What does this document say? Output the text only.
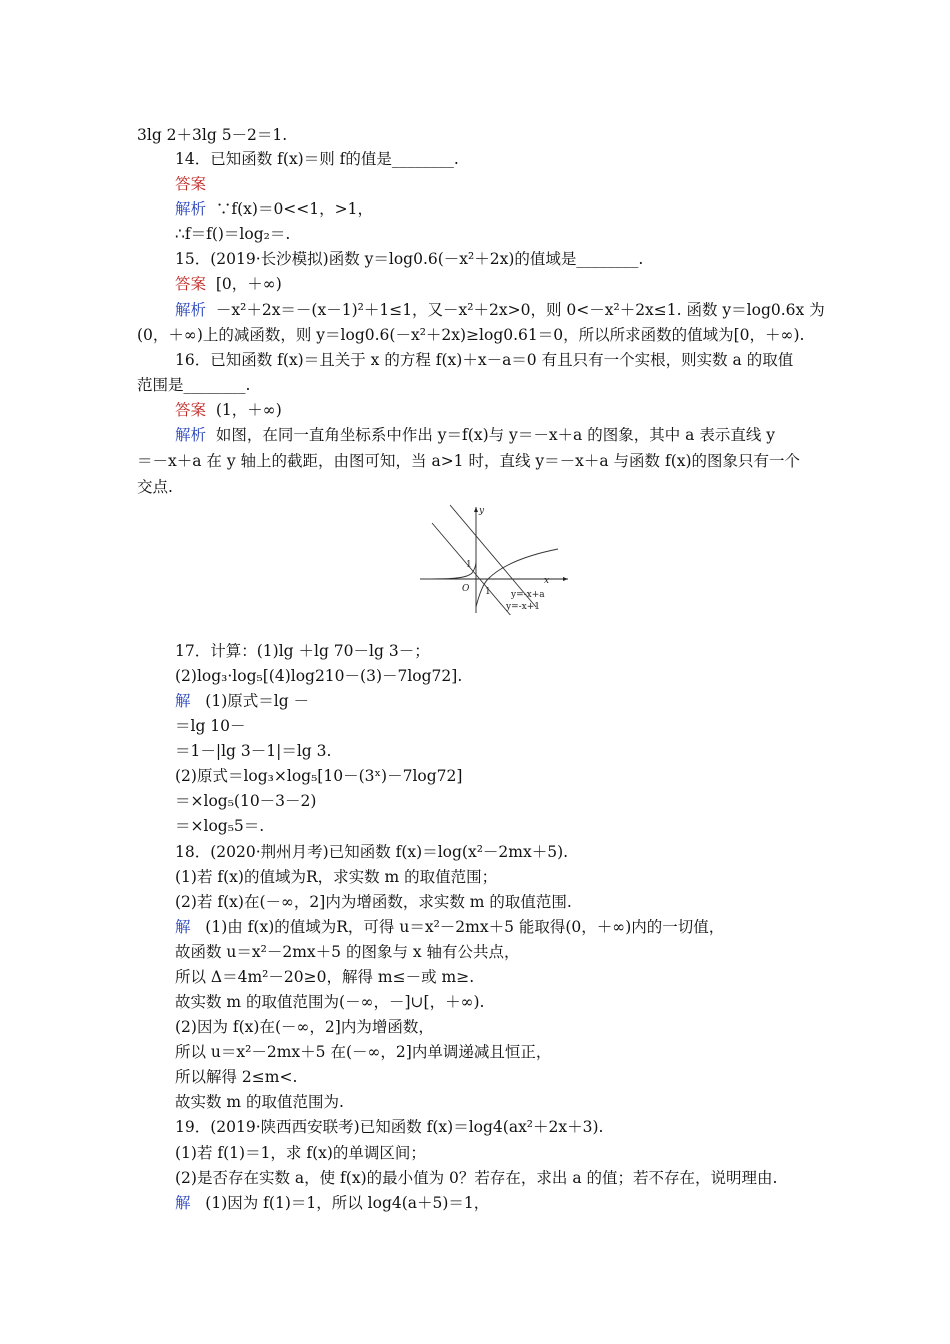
3lg 2＋3lg 5－2＝1.
14．已知函数 f(x)＝则 f的值是________.
答案
解析 ∵f(x)＝0<<1，>1，
∴f＝f()＝log₂＝.
15．(2019·长沙模拟)函数 y＝log0.6(－x²＋2x)的值域是________.
答案 [0，＋∞)
解析 －x²＋2x＝－(x－1)²＋1≤1，又－x²＋2x>0，则 0<－x²＋2x≤1. 函数 y＝log0.6x 为
(0，＋∞)上的减函数，则 y＝log0.6(－x²＋2x)≥log0.61＝0，所以所求函数的值域为[0，＋∞).
16．已知函数 f(x)＝且关于 x 的方程 f(x)＋x－a＝0 有且只有一个实根，则实数 a 的取值
范围是________.
答案 (1，＋∞)
解析 如图，在同一直角坐标系中作出 y＝f(x)与 y＝－x＋a 的图象，其中 a 表示直线 y
＝－x＋a 在 y 轴上的截距，由图可知，当 a>1 时，直线 y＝－x＋a 与函数 f(x)的图象只有一个
交点.
x
y
O 1
1
y=-x+a
y=-x+1
17．计算：(1)lg ＋lg 70－lg 3－；
(2)log₃·log₅[(4)log210－(3)－7log72].
解 (1)原式＝lg －
＝lg 10－
＝1－|lg 3－1|＝lg 3.
(2)原式＝log₃×log₅[10－(3ˣ)－7log72]
＝×log₅(10－3－2)
＝×log₅5＝.
18．(2020·荆州月考)已知函数 f(x)＝log(x²－2mx＋5).
(1)若 f(x)的值域为R，求实数 m 的取值范围；
(2)若 f(x)在(－∞，2]内为增函数，求实数 m 的取值范围.
解 (1)由 f(x)的值域为R，可得 u＝x²－2mx＋5 能取得(0，＋∞)内的一切值，
故函数 u＝x²－2mx＋5 的图象与 x 轴有公共点，
所以 Δ＝4m²－20≥0，解得 m≤－或 m≥.
故实数 m 的取值范围为(－∞，－]∪[，＋∞).
(2)因为 f(x)在(－∞，2]内为增函数，
所以 u＝x²－2mx＋5 在(－∞，2]内单调递减且恒正，
所以解得 2≤m<.
故实数 m 的取值范围为.
19．(2019·陕西西安联考)已知函数 f(x)＝log4(ax²＋2x＋3).
(1)若 f(1)＝1，求 f(x)的单调区间；
(2)是否存在实数 a，使 f(x)的最小值为 0？若存在，求出 a 的值；若不存在，说明理由.
解 (1)因为 f(1)＝1，所以 log4(a＋5)＝1，
